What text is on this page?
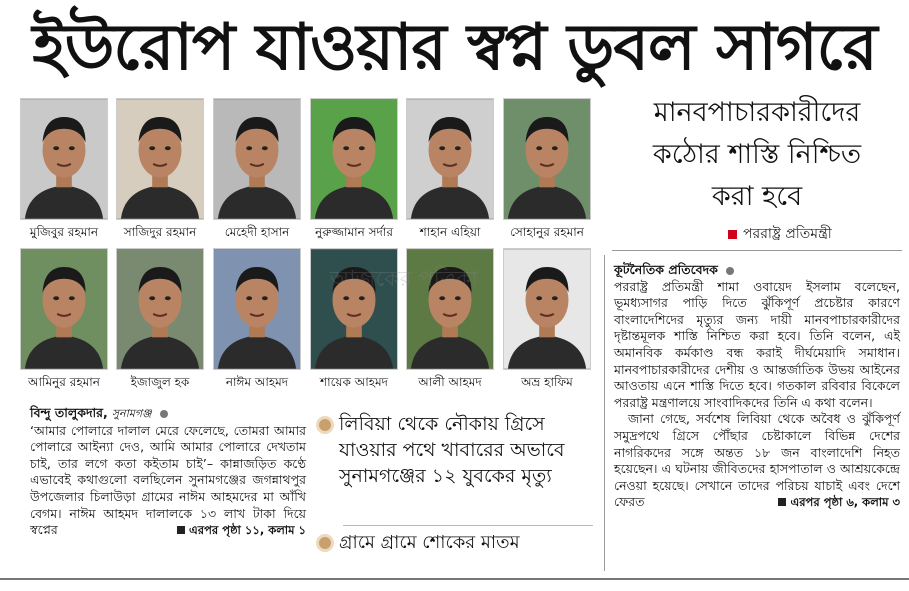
ইউরোপ যাওয়ার স্বপ্ন ডুবল সাগরে
মুজিবুর রহমান	সাজিদুর রহমান	মেহেদী হাসান	নুরুজ্জামান সর্দার	শাহান এহিয়া	সোহানুর রহমান
আমিনুর রহমান	ইজাজুল হক	নাঈম আহমদ	শায়েক আহমদ	আলী আহমদ	অভ্র হাফিম
আজকের পত্রিকা
মানবপাচারকারীদের
কঠোর শাস্তি নিশ্চিত
করা হবে
পররাষ্ট্র প্রতিমন্ত্রী
বিন্দু তালুকদার, সুনামগঞ্জ
‘আমার পোলারে দালাল মেরে ফেলেছে, তোমরা আমার পোলারে আইন্যা দেও, আমি আমার পোলারে দেখতাম চাই, তার লগে কতা কইতাম চাই’– কান্নাজড়িত কণ্ঠে এভাবেই কথাগুলো বলছিলেন সুনামগঞ্জের জগন্নাথপুর উপজেলার চিলাউড়া গ্রামের নাঈম আহমদের মা আঁখি বেগম। নাঈম আহমদ দালালকে ১৩ লাখ টাকা দিয়ে স্বপ্নের	এরপর পৃষ্ঠা ১১, কলাম ১
লিবিয়া থেকে নৌকায় গ্রিসে যাওয়ার পথে খাবারের অভাবে সুনামগঞ্জের ১২ যুবকের মৃত্যু
গ্রামে গ্রামে শোকের মাতম
কূটনৈতিক প্রতিবেদক
পররাষ্ট্র প্রতিমন্ত্রী শামা ওবায়েদ ইসলাম বলেছেন, ভূমধ্যসাগর পাড়ি দিতে ঝুঁকিপূর্ণ প্রচেষ্টার কারণে বাংলাদেশিদের মৃত্যুর জন্য দায়ী মানবপাচারকারীদের দৃষ্টান্তমূলক শাস্তি নিশ্চিত করা হবে। তিনি বলেন, এই অমানবিক কর্মকাণ্ড বন্ধ করাই দীর্ঘমেয়াদি সমাধান। মানবপাচারকারীদের দেশীয় ও আন্তর্জাতিক উভয় আইনের আওতায় এনে শাস্তি দিতে হবে। গতকাল রবিবার বিকেলে পররাষ্ট্র মন্ত্রণালয়ে সাংবাদিকদের তিনি এ কথা বলেন।
জানা গেছে, সর্বশেষ লিবিয়া থেকে অবৈধ ও ঝুঁকিপূর্ণ সমুদ্রপথে গ্রিসে পৌঁছার চেষ্টাকালে বিভিন্ন দেশের নাগরিকদের সঙ্গে অন্তত ১৮ জন বাংলাদেশি নিহত হয়েছেন। এ ঘটনায় জীবিতদের হাসপাতাল ও আশ্রয়কেন্দ্রে নেওয়া হয়েছে। সেখানে তাদের পরিচয় যাচাই এবং দেশে ফেরত	এরপর পৃষ্ঠা ৬, কলাম ৩
